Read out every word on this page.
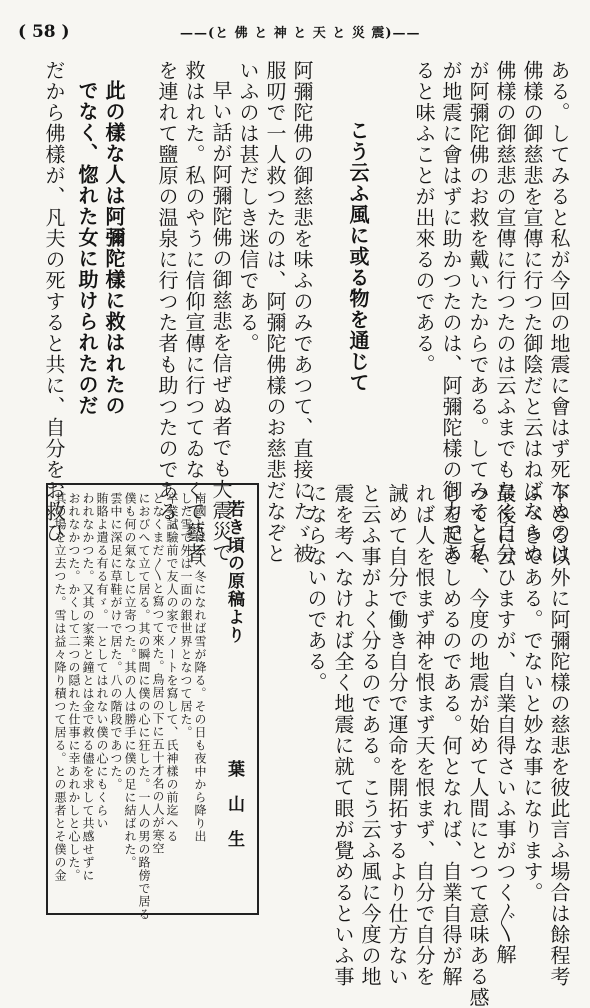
( 58 )	——(と 佛 と 神 と 天 と 災 震)——
ある。してみると私が今回の地震に會はず死なぬのは
佛樣の御慈悲を宣傳に行つた御陰だと云はねばならぬ
佛樣の御慈悲の宣傳に行つたのは云ふまでもなく自分
が阿彌陀佛のお救を戴いたからである。してみると私
が地震に會はずに助かつたのは、阿彌陀樣の御力であ
ると味ふことが出來るのである。
こう云ふ風に或る物を通じて
阿彌陀佛の御慈悲を味ふのみであつて、直接にたゞ被
服叨で一人救つたのは、阿彌陀佛樣のお慈悲だなぞと
いふのは甚だしき迷信である。
早い話が阿彌陀佛の御慈悲を信ぜぬ者でも大震災で
救はれた。私のやうに信仰宣傳に行つてゐなくて藝者
を連れて鹽原の温泉に行つた者も助つたのである。
此の樣な人は阿彌陀樣に救はれたの
でなく、惚れた女に助けられたのだ
だから佛樣が、凡夫の死すると共に、自分をお救ひ
下さる以外に阿彌陀樣の慈悲を彼此言ふ場合は餘程考
ふべきである。でないと妙な事になります。
最後に云ひますが、自業自得さいふ事がつく〴〵解
つてこそ、今度の地震が始めて人間にとつて意味ある感
じを起さしめるのである。何となれば、自業自得が解
れば人を恨まず神を恨まず天を恨まず、自分で自分を
誡めて自分で働き自分で運命を開拓するより仕方ない
と云ふ事がよく分るのである。こう云ふ風に今度の地
震を考へなければ全く地震に就て眼が覺めるといふ事
にならないのである。
若き頃の原稿より
葉山生
南國とは云へ冬になれば雪が降る。その日も夜中から降り出
した雪で外は一面の銀世界となつて居た。
卒業試驗前で友人の家でノートを寫して、氏神樣の前迄へる
となくまだ〳〵と寫つて來た。鳥居の下に五十才名の人が寒空
におびへて立て居る。其の瞬間に僕の心に狂した。一人の男の路傍で居る
僕も何の氣なしに立寄つた。其の人は勝手に僕の足に結ばれた。
雲中に深足に草鞋がけで居た。八の階段であつた。
賄賂よ遣る有る有ゞ。一としてはれない僕の心にもくらい
われなかつた。又其の家業と鐘とは金で救る儘を求して共感せずに
おれなかつた。かくして二つの隠れた仕事に幸あれかしと心した。
其の場を立去つた。雪は益々降り積つて居る。との悪者とそ僕の金
